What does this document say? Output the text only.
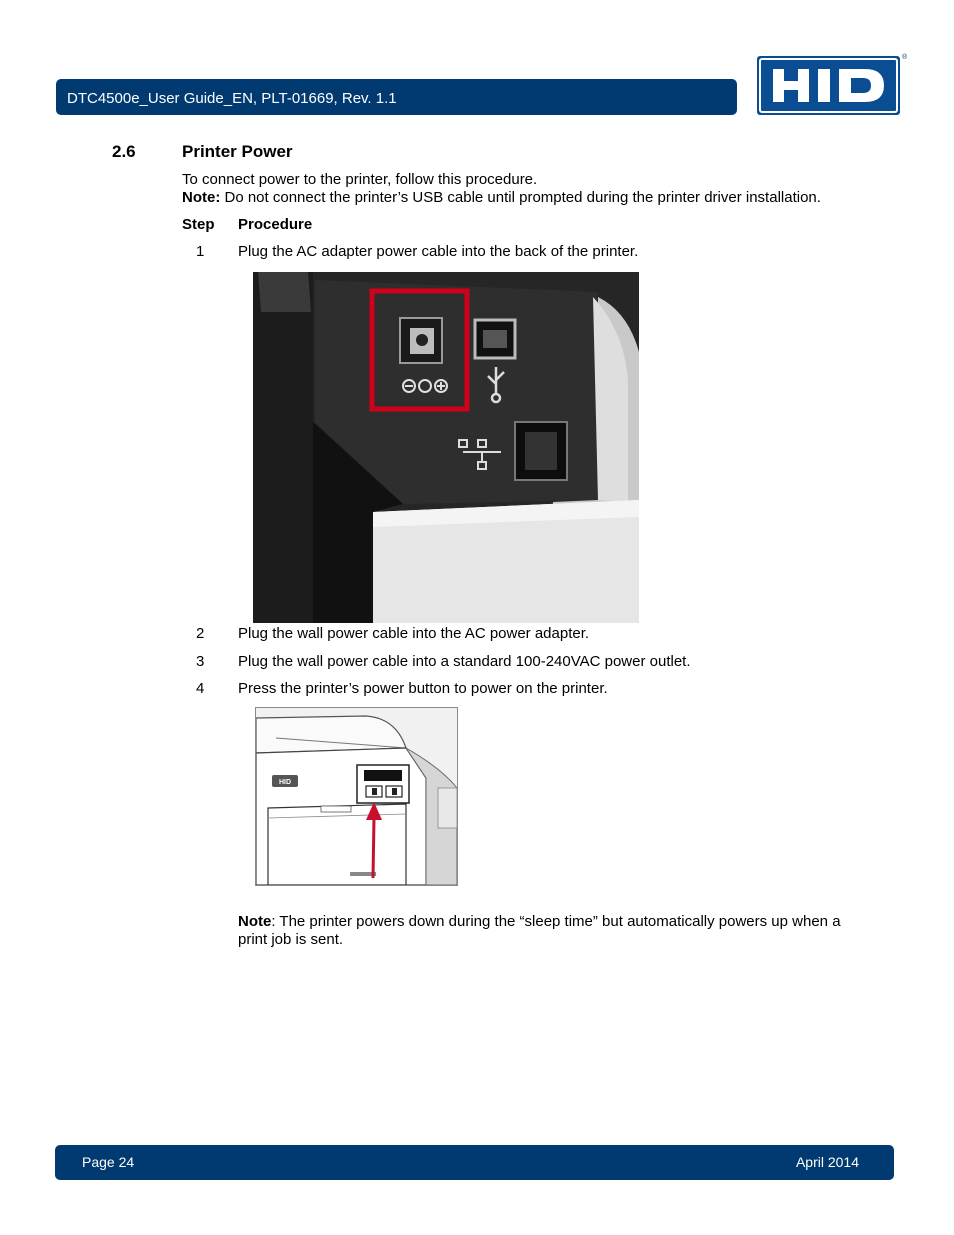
DTC4500e_User Guide_EN, PLT-01669, Rev. 1.1
®
2.6	Printer Power
To connect power to the printer, follow this procedure.
Note: Do not connect the printer’s USB cable until prompted during the printer driver installation.
Step Procedure
1 Plug the AC adapter power cable into the back of the printer.
2 Plug the wall power cable into the AC power adapter.
3 Plug the wall power cable into a standard 100-240VAC power outlet.
4 Press the printer’s power button to power on the printer.
HID
Note: The printer powers down during the “sleep time” but automatically powers up when a
print job is sent.
Page 24	April 2014
